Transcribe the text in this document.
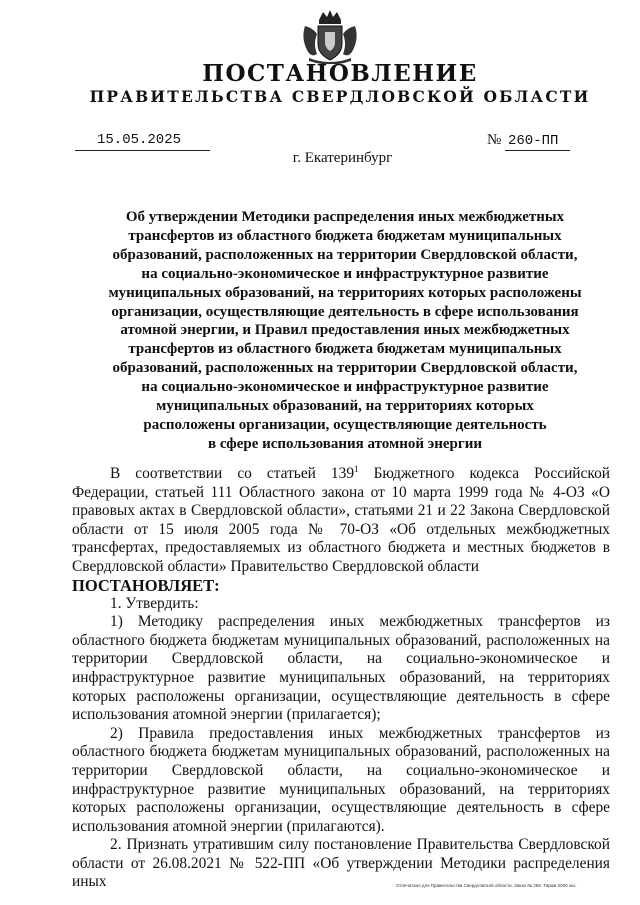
ПОСТАНОВЛЕНИЕ
ПРАВИТЕЛЬСТВА СВЕРДЛОВСКОЙ ОБЛАСТИ
15.05.2025	№ 260-ПП
г. Екатеринбург
Об утверждении Методики распределения иных межбюджетных
трансфертов из областного бюджета бюджетам муниципальных
образований, расположенных на территории Свердловской области,
на социально-экономическое и инфраструктурное развитие
муниципальных образований, на территориях которых расположены
организации, осуществляющие деятельность в сфере использования
атомной энергии, и Правил предоставления иных межбюджетных
трансфертов из областного бюджета бюджетам муниципальных
образований, расположенных на территории Свердловской области,
на социально-экономическое и инфраструктурное развитие
муниципальных образований, на территориях которых
расположены организации, осуществляющие деятельность
в сфере использования атомной энергии

В соответствии со статьей $139^1$ Бюджетного кодекса Российской Федерации, статьей 111 Областного закона от 10 марта 1999 года № 4-ОЗ «О правовых актах в Свердловской области», статьями 21 и 22 Закона Свердловской области от 15 июля 2005 года № 70-ОЗ «Об отдельных межбюджетных трансфертах, предоставляемых из областного бюджета и местных бюджетов в Свердловской области» Правительство Свердловской области

ПОСТАНОВЛЯЕТ:

1. Утвердить:

1) Методику распределения иных межбюджетных трансфертов из областного бюджета бюджетам муниципальных образований, расположенных на территории Свердловской области, на социально-экономическое и инфраструктурное развитие муниципальных образований, на территориях которых расположены организации, осуществляющие деятельность в сфере использования атомной энергии (прилагается);

2) Правила предоставления иных межбюджетных трансфертов из областного бюджета бюджетам муниципальных образований, расположенных на территории Свердловской области, на социально-экономическое и инфраструктурное развитие муниципальных образований, на территориях которых расположены организации, осуществляющие деятельность в сфере использования атомной энергии (прилагаются).

2. Признать утратившим силу постановление Правительства Свердловской области от 26.08.2021 № 522-ПП «Об утверждении Методики распределения иных	Отпечатано для Правительства Свердловской области. Заказ № 256. Тираж 2000 экз.
